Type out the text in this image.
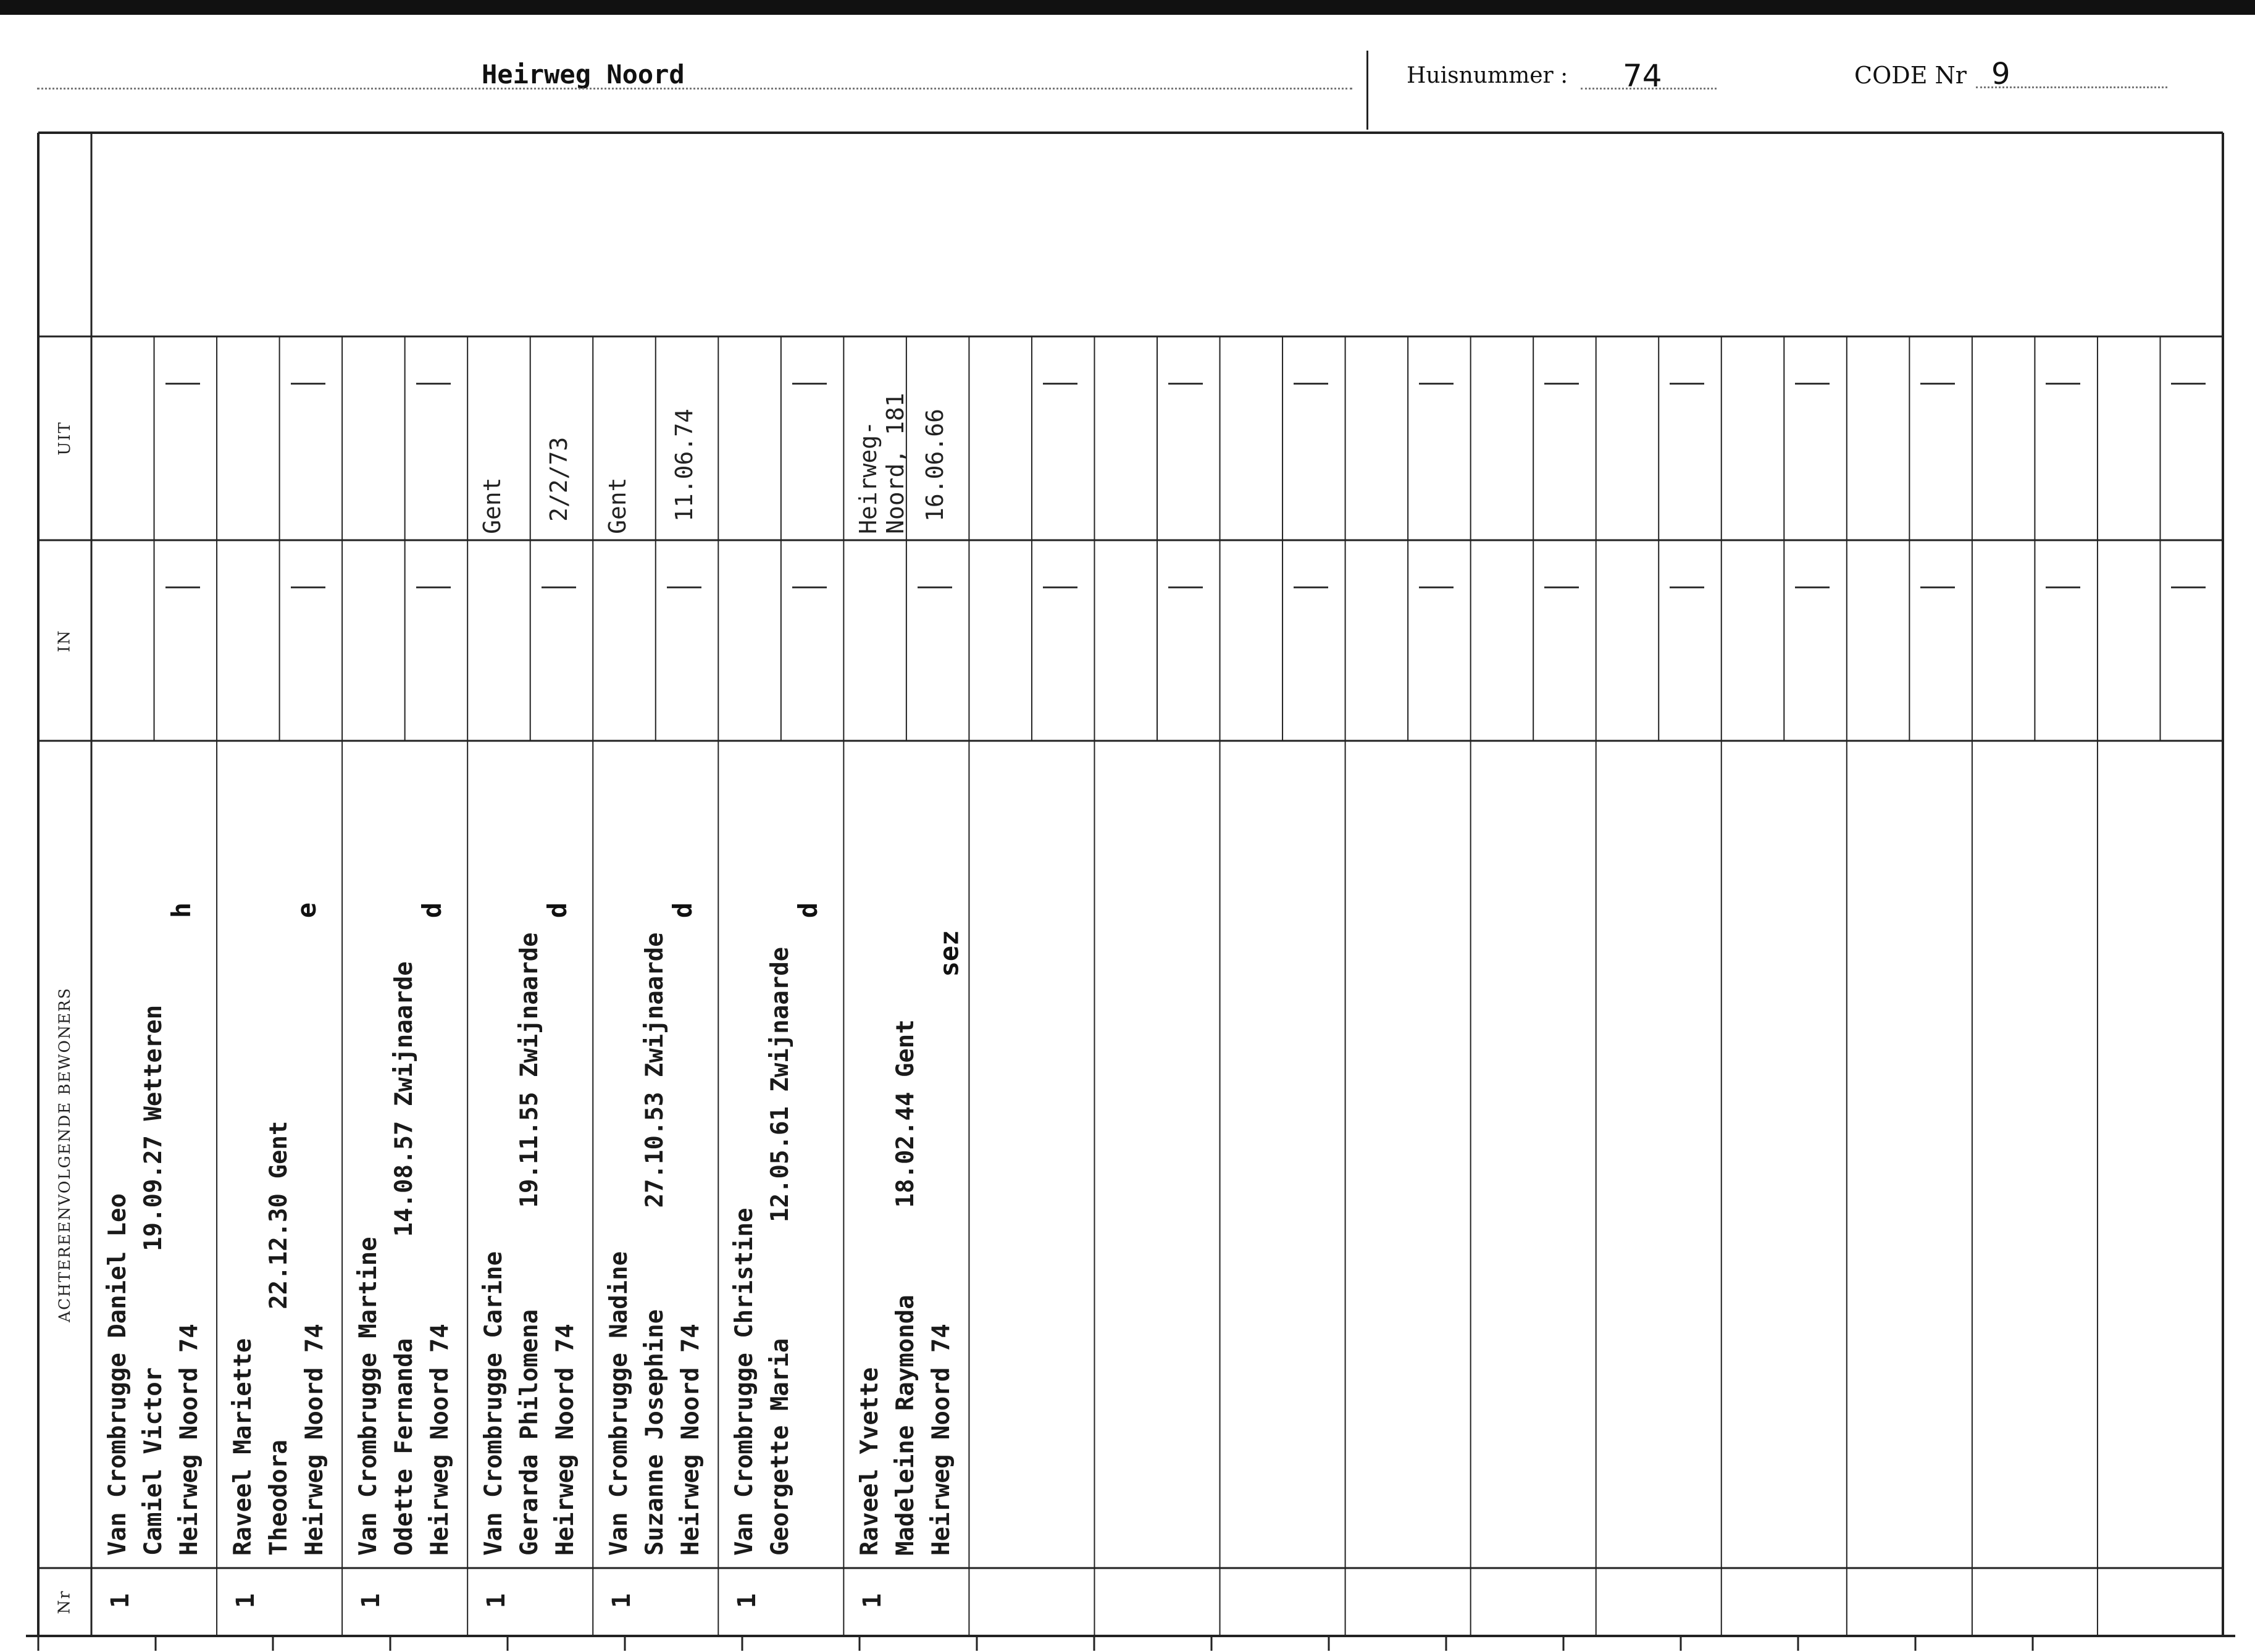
Heirweg Noord	Huisnummer : 74	CODE Nr 9
UIT
IN
ACHTEREENVOLGENDE BEWONERS
Nr
Van Crombrugge Daniel Leo Camiel Victor        19.09.27 Wetteren Heirweg Noord 74
h
1
Raveel Mariette Theodora         22.12.30 Gent Heirweg Noord 74
e
1
Van Crombrugge Martine Odette Fernanda       14.08.57 Zwijnaarde Heirweg Noord 74
d
1
Van Crombrugge Carine Gerarda Philomena       19.11.55 Zwijnaarde Heirweg Noord 74
d
1
Gent 2/2/73
Van Crombrugge Nadine Suzanne Josephine       27.10.53 Zwijnaarde Heirweg Noord 74
d
1
Gent 11.06.74
Van Crombrugge Christine Georgette Maria        12.05.61 Zwijnaarde
d
1
Raveel Yvette Madeleine Raymonda      18.02.44 Gent Heirweg Noord 74
sez
1
Heirweg-
Noord, 181 16.06.66
